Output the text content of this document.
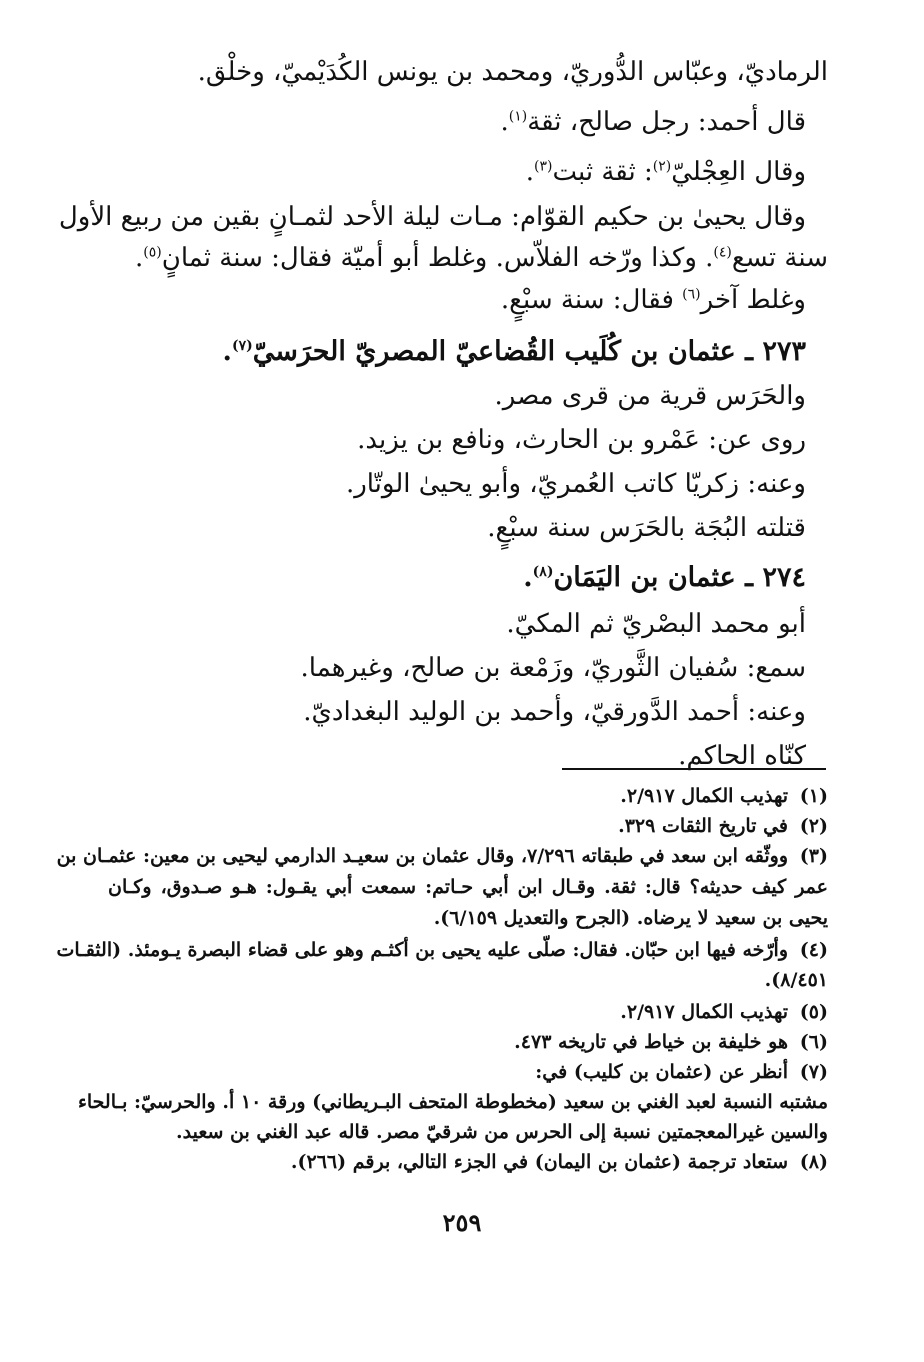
الرماديّ، وعبّاس الدُّوريّ، ومحمد بن يونس الكُدَيْميّ، وخلْق.
قال أحمد: رجل صالح، ثقة$^{(١)}$.
وقال العِجْليّ$^{(٢)}$: ثقة ثبت$^{(٣)}$.
وقال يحيىٰ بن حكيم القوّام: مـات ليلة الأحد لثمـانٍ بقين من ربيع الأول
سنة تسع$^{(٤)}$. وكذا ورّخه الفلاّس. وغلط أبو أميّة فقال: سنة ثمانٍ$^{(٥)}$.
وغلط آخر$^{(٦)}$ فقال: سنة سبْعٍ.
٢٧٣ ـ عثمان بن كُلَيب القُضاعيّ المصريّ الحرَسيّ$^{(٧)}$.
والحَرَس قرية من قرى مصر.
روى عن: عَمْرو بن الحارث، ونافع بن يزيد.
وعنه: زكريّا كاتب العُمريّ، وأبو يحيىٰ الوتّار.
قتلته البُجَة بالحَرَس سنة سبْعٍ.
٢٧٤ ـ عثمان بن اليَمَان$^{(٨)}$.
أبو محمد البصْريّ ثم المكيّ.
سمع: سُفيان الثَّوريّ، وزَمْعة بن صالح، وغيرهما.
وعنه: أحمد الدَّورقيّ، وأحمد بن الوليد البغداديّ.
كنّاه الحاكم.
(١)تهذيب الكمال ٢/٩١٧.
(٢)في تاريخ الثقات ٣٢٩.
(٣)ووثّقه ابن سعد في طبقاته ٧/٢٩٦، وقال عثمان بن سعيـد الدارمي ليحيى بن معين: عثمـان بن
عمر كيف حديثه؟ قال: ثقة. وقـال ابن أبي حـاتم: سمعت أبي يقـول: هـو صـدوق، وكـان
يحيى بن سعيد لا يرضاه. (الجرح والتعديل ٦/١٥٩).
(٤)وأرّخه فيها ابن حبّان. فقال: صلّى عليه يحيى بن أكثـم وهو على قضاء البصرة يـومئذ. (الثقـات
٨/٤٥١).
(٥)تهذيب الكمال ٢/٩١٧.
(٦)هو خليفة بن خياط في تاريخه ٤٧٣.
(٧)أنظر عن (عثمان بن كليب) في:
مشتبه النسبة لعبد الغني بن سعيد (مخطوطة المتحف البـريطاني) ورقة ١٠ أ. والحرسيّ: بـالحاء
والسين غيرالمعجمتين نسبة إلى الحرس من شرقيّ مصر. قاله عبد الغني بن سعيد.
(٨)ستعاد ترجمة (عثمان بن اليمان) في الجزء التالي، برقم (٢٦٦).
٢٥٩
